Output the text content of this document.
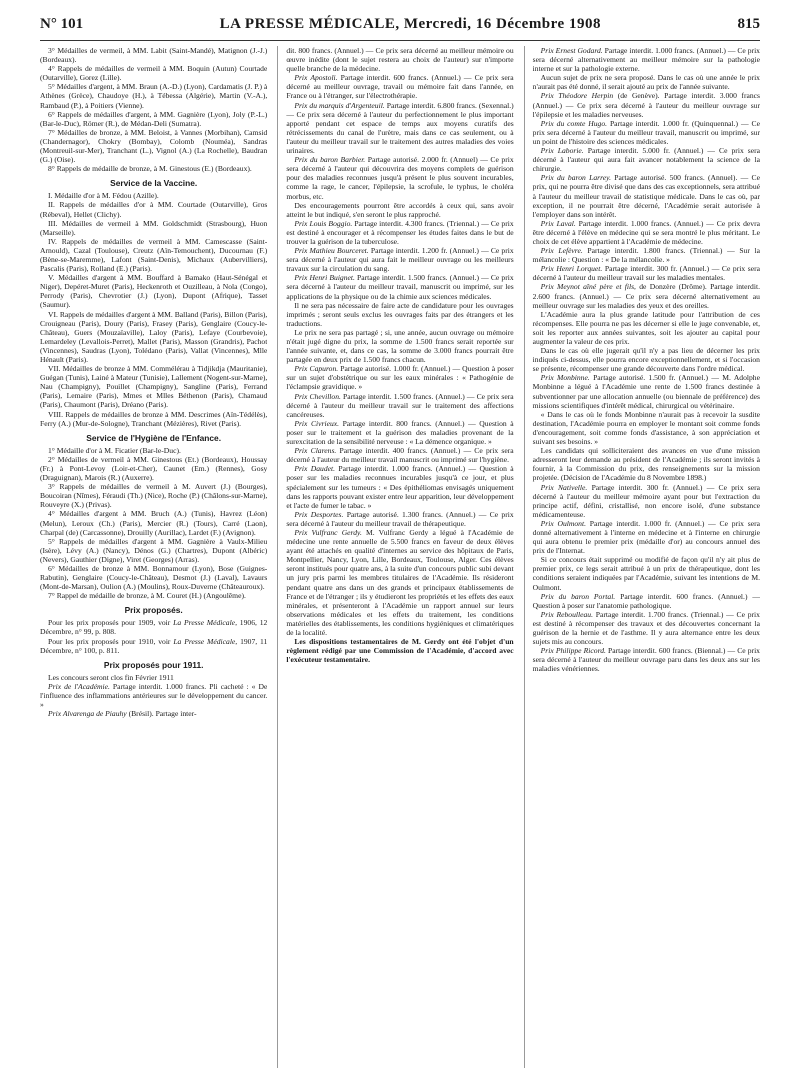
N° 101	LA PRESSE MÉDICALE, Mercredi, 16 Décembre 1908	815

3° Médailles de vermeil, à MM. Labit (Saint-Mandé), Matignon (J.-J.) (Bordeaux).

4° Rappels de médailles de vermeil à MM. Boquin (Autun) Courtade (Outarville), Gorez (Lille).

5° Médailles d'argent, à MM. Braun (A.-D.) (Lyon), Cardamatis (J. P.) à Athènes (Grèce), Chaudoye (H.), à Tébessa (Algérie), Martin (V.-A.), Rambaud (P.), à Poitiers (Vienne).

6° Rappels de médailles d'argent, à MM. Gagnière (Lyon), Joly (P.-L.) (Bar-le-Duc), Römer (R.), de Médan-Deli (Sumatra).

7° Médailles de bronze, à MM. Beloist, à Vannes (Morbihan), Camsid (Chandernagor), Chokry (Bombay), Colomb (Nouméa), Sandras (Montreuil-sur-Mer), Tranchant (L.), Vignol (A.) (La Rochelle), Baudran (G.) (Oise).

8° Rappels de médaille de bronze, à M. Ginestous (E.) (Bordeaux).

Service de la Vaccine.

I. Médaille d'or à M. Fédou (Azille).

II. Rappels de médailles d'or à MM. Courtade (Outarville), Gros (Rébeval), Hellet (Clichy).

III. Médailles de vermeil à MM. Goldschmidt (Strasbourg), Huon (Marseille).

IV. Rappels de médailles de vermeil à MM. Camescasse (Saint-Arnould), Cazal (Toulouse), Creutz (Aïn-Temouchent), Ducournau (F.) (Bène-se-Maremme), Lafont (Saint-Denis), Michaux (Aubervilliers), Pascalis (Paris), Rolland (E.) (Paris).

V. Médailles d'argent à MM. Bouffard à Bamako (Haut-Sénégal et Niger), Depéret-Muret (Paris), Heckenroth et Ouzilleau, à Nola (Congo), Perrody (Paris), Chevrotier (J.) (Lyon), Dupont (Afrique), Tasset (Saumur).

VI. Rappels de médailles d'argent à MM. Balland (Paris), Billon (Paris), Crouigneau (Paris), Doury (Paris), Frasey (Paris), Genglaire (Coucy-le-Château), Guers (Mouzaïaville), Laloy (Paris), Lefaye (Courbevoie), Lemardeley (Levallois-Perret), Mallet (Paris), Masson (Grandris), Pachot (Vincennes), Saudras (Lyon), Tolédano (Paris), Vallat (Vincennes), Mlle Hénault (Paris).

VII. Médailles de bronze à MM. Commélérau à Tidjikdja (Mauritanie), Guégan (Tunis), Lainé à Mateur (Tunisie), Lallement (Nogent-sur-Marne), Nau (Champigny), Pouillet (Champigny), Sangline (Paris), Ferrand (Paris), Lemaire (Paris), Mmes et Mlles Béthenon (Paris), Chamaud (Paris), Chaumont (Paris), Dréano (Paris).

VIII. Rappels de médailles de bronze à MM. Descrimes (Aïn-Tédélès), Ferry (A.) (Mur-de-Sologne), Tranchant (Mézières), Rivet (Paris).

Service de l'Hygiène de l'Enfance.

1° Médaille d'or à M. Ficatier (Bar-le-Duc).

2° Médailles de vermeil à MM. Ginestous (Et.) (Bordeaux), Houssay (Fr.) à Pont-Levoy (Loir-et-Cher), Caunet (Em.) (Rennes), Gosy (Draguignan), Marois (R.) (Auxerre).

3° Rappels de médailles de vermeil à M. Auvert (J.) (Bourges), Boucoiran (Nîmes), Féraudi (Th.) (Nice), Roche (P.) (Châlons-sur-Marne), Rouveyre (X.) (Privas).

4° Médailles d'argent à MM. Bruch (A.) (Tunis), Havrez (Léon) (Melun), Leroux (Ch.) (Paris), Mercier (R.) (Tours), Carré (Laon), Charpal (de) (Carcassonne), Drouilly (Aurillac), Lardet (F.) (Avignon).

5° Rappels de médailles d'argent à MM. Gagnière à Vaulx-Milieu (Isère), Lévy (A.) (Nancy), Dénos (G.) (Chartres), Dupont (Albéric) (Nevers), Gauthier (Digne), Viret (Georges) (Arras).

6° Médailles de bronze à MM. Bonnamour (Lyon), Bose (Guignes-Rabutin), Genglaire (Coucy-le-Château), Desmot (J.) (Laval), Lavaurs (Mont-de-Marsan), Oulion (A.) (Moulins), Roux-Duverne (Châteauroux).

7° Rappel de médaille de bronze, à M. Couret (H.) (Angoulême).

Prix proposés.

Pour les prix proposés pour 1909, voir La Presse Médicale, 1906, 12 Décembre, n° 99, p. 808.

Pour les prix proposés pour 1910, voir La Presse Médicale, 1907, 11 Décembre, n° 100, p. 811.

Prix proposés pour 1911.

Les concours seront clos fin Février 1911

Prix de l'Académie. Partage interdit. 1.000 francs. Pli cacheté : « De l'influence des inflammations antérieures sur le développement du cancer. »

Prix Alvarenga de Piauhy (Brésil). Partage inter-

dit. 800 francs. (Annuel.) — Ce prix sera décerné au meilleur mémoire ou œuvre inédite (dont le sujet restera au choix de l'auteur) sur n'importe quelle branche de la médecine.

Prix Apostoli. Partage interdit. 600 francs. (Annuel.) — Ce prix sera décerné au meilleur ouvrage, travail ou mémoire fait dans l'année, en France ou à l'étranger, sur l'électrothérapie.

Prix du marquis d'Argenteuil. Partage interdit. 6.800 francs. (Sexennal.) — Ce prix sera décerné à l'auteur du perfectionnement le plus important apporté pendant cet espace de temps aux moyens curatifs des rétrécissements du canal de l'urètre, mais dans ce cas seulement, ou à l'auteur du meilleur travail sur le traitement des autres maladies des voies urinaires.

Prix du baron Barbier. Partage autorisé. 2.000 fr. (Annuel) — Ce prix sera décerné à l'auteur qui découvrira des moyens complets de guérison pour des maladies reconnues jusqu'à présent le plus souvent incurables, comme la rage, le cancer, l'épilepsie, la scrofule, le typhus, le choléra morbus, etc.

Des encouragements pourront être accordés à ceux qui, sans avoir atteint le but indiqué, s'en seront le plus rapproché.

Prix Louis Boggio. Partage interdit. 4.300 francs. (Triennal.) — Ce prix est destiné à encourager et à récompenser les études faites dans le but de trouver la guérison de la tuberculose.

Prix Mathieu Bourceret. Partage interdit. 1.200 fr. (Annuel.) — Ce prix sera décerné à l'auteur qui aura fait le meilleur ouvrage ou les meilleurs travaux sur la circulation du sang.

Prix Henri Buignet. Partage interdit. 1.500 francs. (Annuel.) — Ce prix sera décerné à l'auteur du meilleur travail, manuscrit ou imprimé, sur les applications de la physique ou de la chimie aux sciences médicales.

Il ne sera pas nécessaire de faire acte de candidature pour les ouvrages imprimés ; seront seuls exclus les ouvrages faits par des étrangers et les traductions.

Le prix ne sera pas partagé ; si, une année, aucun ouvrage ou mémoire n'était jugé digne du prix, la somme de 1.500 francs serait reportée sur l'année suivante, et, dans ce cas, la somme de 3.000 francs pourrait être partagée en deux prix de 1.500 francs chacun.

Prix Capuron. Partage autorisé. 1.000 fr. (Annuel.) — Question à poser sur un sujet d'obstétrique ou sur les eaux minérales : « Pathogénie de l'éclampsie gravidique. »

Prix Chevillon. Partage interdit. 1.500 francs. (Annuel.) — Ce prix sera décerné à l'auteur du meilleur travail sur le traitement des affections cancéreuses.

Prix Civrieux. Partage interdit. 800 francs. (Annuel.) — Question à poser sur le traitement et la guérison des maladies provenant de la surexcitation de la sensibilité nerveuse : « La démence organique. »

Prix Clarens. Partage interdit. 400 francs. (Annuel.) — Ce prix sera décerné à l'auteur du meilleur travail manuscrit ou imprimé sur l'hygiène.

Prix Daudet. Partage interdit. 1.000 francs. (Annuel.) — Question à poser sur les maladies reconnues incurables jusqu'à ce jour, et plus spécialement sur les tumeurs : « Des épithéliomas envisagés uniquement dans les rapports pouvant exister entre leur apparition, leur développement et l'acte de fumer le tabac. »

Prix Desportes. Partage autorisé. 1.300 francs. (Annuel.) — Ce prix sera décerné à l'auteur du meilleur travail de thérapeutique.

Prix Vulfranc Gerdy. M. Vulfranc Gerdy a légué à l'Académie de médecine une rente annuelle de 5.500 francs en faveur de deux élèves ayant été attachés en qualité d'internes au service des hôpitaux de Paris, Montpellier, Nancy, Lyon, Lille, Bordeaux, Toulouse, Alger. Ces élèves seront institués pour quatre ans, à la suite d'un concours public subi devant un jury pris parmi les membres titulaires de l'Académie. Ils résideront pendant quatre ans dans un des grands et principaux établissements de France et de l'étranger ; ils y étudieront les propriétés et les effets des eaux minérales, et présenteront à l'Académie un rapport annuel sur leurs observations médicales et les effets du traitement, les conditions matérielles des établissements, les conditions hygiéniques et climatériques de la localité.

Les dispositions testamentaires de M. Gerdy ont été l'objet d'un règlement rédigé par une Commission de l'Académie, d'accord avec l'exécuteur testamentaire.

Prix Ernest Godard. Partage interdit. 1.000 francs. (Annuel.) — Ce prix sera décerné alternativement au meilleur mémoire sur la pathologie interne et sur la pathologie externe.

Aucun sujet de prix ne sera proposé. Dans le cas où une année le prix n'aurait pas été donné, il serait ajouté au prix de l'année suivante.

Prix Théodore Herpin (de Genève). Partage interdit. 3.000 francs (Annuel.) — Ce prix sera décerné à l'auteur du meilleur ouvrage sur l'épilepsie et les maladies nerveuses.

Prix du comte Hugo. Partage interdit. 1.000 fr. (Quinquennal.) — Ce prix sera décerné à l'auteur du meilleur travail, manuscrit ou imprimé, sur un point de l'histoire des sciences médicales.

Prix Laborie. Partage interdit. 5.000 fr. (Annuel.) — Ce prix sera décerné à l'auteur qui aura fait avancer notablement la science de la chirurgie.

Prix du baron Larrey. Partage autorisé. 500 francs. (Annuel). — Ce prix, qui ne pourra être divisé que dans des cas exceptionnels, sera attribué à l'auteur du meilleur travail de statistique médicale. Dans le cas où, par exception, il ne pourrait être décerné, l'Académie serait autorisée à l'employer dans son intérêt.

Prix Laval. Partage interdit. 1.000 francs. (Annuel.) — Ce prix devra être décerné à l'élève en médecine qui se sera montré le plus méritant. Le choix de cet élève appartient à l'Académie de médecine.

Prix Lefèvre. Partage interdit. 1.800 francs. (Triennal.) — Sur la mélancolie : Question : « De la mélancolie. »

Prix Henri Lorquet. Partage interdit. 300 fr. (Annuel.) — Ce prix sera décerné à l'auteur du meilleur travail sur les maladies mentales.

Prix Meynot aîné père et fils, de Donzère (Drôme). Partage interdit. 2.600 francs. (Annuel.) — Ce prix sera décerné alternativement au meilleur ouvrage sur les maladies des yeux et des oreilles.

L'Académie aura la plus grande latitude pour l'attribution de ces récompenses. Elle pourra ne pas les décerner si elle le juge convenable, et, soit les reporter aux années suivantes, soit les ajouter au capital pour augmenter la valeur de ces prix.

Dans le cas où elle jugerait qu'il n'y a pas lieu de décerner les prix indiqués ci-dessus, elle pourra encore exceptionnellement, et si l'occasion se présente, récompenser une grande découverte dans l'ordre médical.

Prix Monbinne. Partage autorisé. 1.500 fr. (Annuel.) — M. Adolphe Monbinne a légué à l'Académie une rente de 1.500 francs destinée à subventionner par une allocation annuelle (ou biennale de préférence) des missions scientifiques d'intérêt médical, chirurgical ou vétérinaire.

« Dans le cas où le fonds Monbinne n'aurait pas à recevoir la susdite destination, l'Académie pourra en employer le montant soit comme fonds d'encouragement, soit comme fonds d'assistance, à son appréciation et suivant ses besoins. »

Les candidats qui solliciteraient des avances en vue d'une mission adresseront leur demande au président de l'Académie ; ils seront invités à fournir, à la Commission du prix, des renseignements sur la mission projetée. (Décision de l'Académie du 8 Novembre 1898.)

Prix Nativelle. Partage interdit. 300 fr. (Annuel.) — Ce prix sera décerné à l'auteur du meilleur mémoire ayant pour but l'extraction du principe actif, défini, cristallisé, non encore isolé, d'une substance médicamenteuse.

Prix Oulmont. Partage interdit. 1.000 fr. (Annuel.) — Ce prix sera donné alternativement à l'interne en médecine et à l'interne en chirurgie qui aura obtenu le premier prix (médaille d'or) au concours annuel des prix de l'Internat.

Si ce concours était supprimé ou modifié de façon qu'il n'y ait plus de premier prix, ce legs serait attribué à un prix de thérapeutique, dont les conditions seraient indiquées par l'Académie, suivant les intentions de M. Oulmont.

Prix du baron Portal. Partage interdit. 600 francs. (Annuel.) — Question à poser sur l'anatomie pathologique.

Prix Reboulleau. Partage interdit. 1.700 francs. (Triennal.) — Ce prix est destiné à récompenser des travaux et des découvertes concernant la guérison de la hernie et de l'asthme. Il y aura alternance entre les deux sujets mis au concours.

Prix Philippe Ricord. Partage interdit. 600 francs. (Biennal.) — Ce prix sera décerné à l'auteur du meilleur ouvrage paru dans les deux ans sur les maladies vénériennes.
